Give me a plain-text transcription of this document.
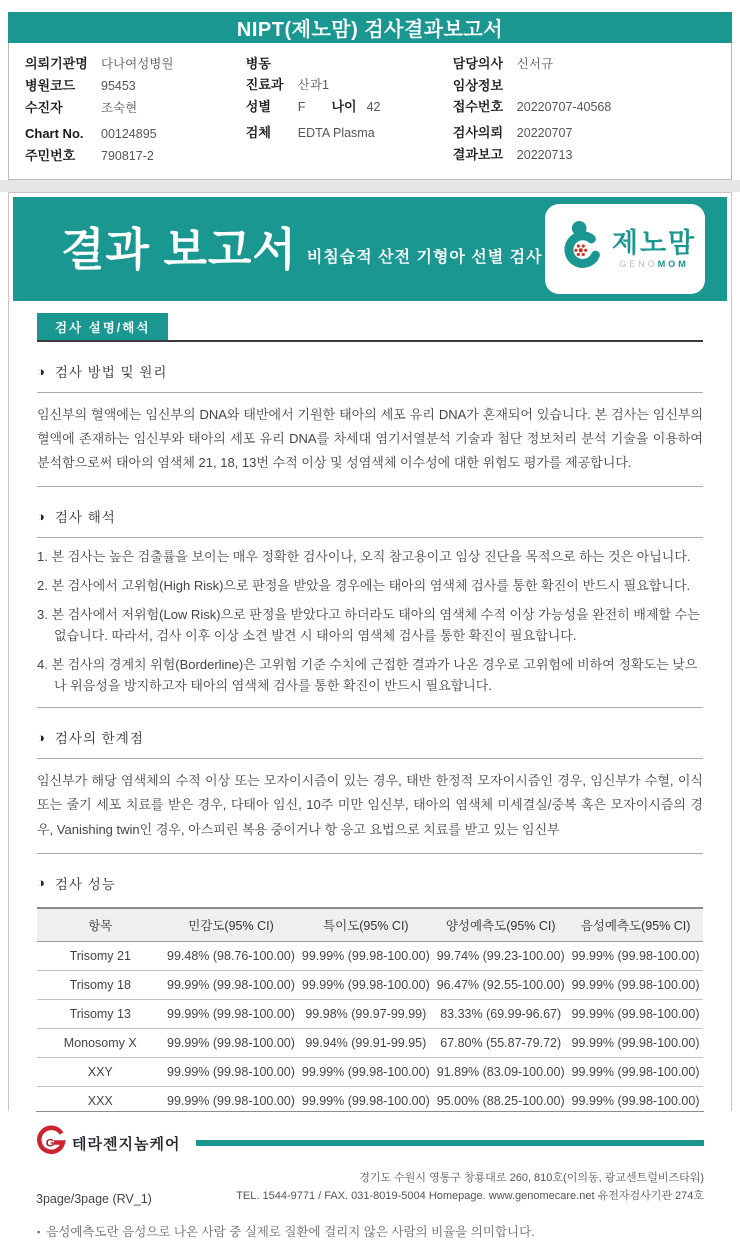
NIPT(제노맘) 검사결과보고서
의뢰기관명	다나여성병원
병원코드	95453
수진자	조숙현
Chart No.	00124895
주민번호	790817-2
병동
진료과	산과1
성별	F 나이 42
검체	EDTA Plasma
담당의사	신서규
임상정보
접수번호	20220707-40568
검사의뢰	20220707
결과보고	20220713
결과 보고서 비침습적 산전 기형아 선별 검사	제노맘
GENOMOM
검사 설명/해석
◑ 검사 방법 및 원리

임신부의 혈액에는 임신부의 DNA와 태반에서 기원한 태아의 세포 유리 DNA가 혼재되어 있습니다. 본 검사는 임신부의 혈액에 존재하는 임신부와 태아의 세포 유리 DNA를 차세대 염기서열분석 기술과 첨단 정보처리 분석 기술을 이용하여 분석함으로써 태아의 염색체 21, 18, 13번 수적 이상 및 성염색체 이수성에 대한 위험도 평가를 제공합니다.

◑ 검사 해석
1. 본 검사는 높은 검출률을 보이는 매우 정확한 검사이나, 오직 참고용이고 임상 진단을 목적으로 하는 것은 아닙니다.
2. 본 검사에서 고위험(High Risk)으로 판정을 받았을 경우에는 태아의 염색체 검사를 통한 확진이 반드시 필요합니다.
3. 본 검사에서 저위험(Low Risk)으로 판정을 받았다고 하더라도 태아의 염색체 수적 이상 가능성을 완전히 배제할 수는 없습니다. 따라서, 검사 이후 이상 소견 발견 시 태아의 염색체 검사를 통한 확진이 필요합니다.
4. 본 검사의 경계치 위험(Borderline)은 고위험 기준 수치에 근접한 결과가 나온 경우로 고위험에 비하여 정확도는 낮으나 위음성을 방지하고자 태아의 염색체 검사를 통한 확진이 반드시 필요합니다.
◑ 검사의 한계점

임신부가 해당 염색체의 수적 이상 또는 모자이시즘이 있는 경우, 태반 한정적 모자이시즘인 경우, 임신부가 수혈, 이식 또는 줄기 세포 치료를 받은 경우, 다태아 임신, 10주 미만 임신부, 태아의 염색체 미세결실/중복 혹은 모자이시즘의 경우, Vanishing twin인 경우, 아스피린 복용 중이거나 항 응고 요법으로 치료를 받고 있는 임신부

◑ 검사 성능
항목	민감도(95% CI)	특이도(95% CI)	양성예측도(95% CI)	음성예측도(95% CI)
Trisomy 21	99.48% (98.76-100.00)	99.99% (99.98-100.00)	99.74% (99.23-100.00)	99.99% (99.98-100.00)
Trisomy 18	99.99% (99.98-100.00)	99.99% (99.98-100.00)	96.47% (92.55-100.00)	99.99% (99.98-100.00)
Trisomy 13	99.99% (99.98-100.00)	99.98% (99.97-99.99)	83.33% (69.99-96.67)	99.99% (99.98-100.00)
Monosomy X	99.99% (99.98-100.00)	99.94% (99.91-99.95)	67.80% (55.87-79.72)	99.99% (99.98-100.00)
XXY	99.99% (99.98-100.00)	99.99% (99.98-100.00)	91.89% (83.09-100.00)	99.99% (99.98-100.00)
XXX	99.99% (99.98-100.00)	99.99% (99.98-100.00)	95.00% (88.25-100.00)	99.99% (99.98-100.00)

▪
▪
▪
▪ 음성예측도란 음성으로 나온 사람 중 실제로 질환에 걸리지 않은 사람의 비율을 의미합니다.
G 테라젠지놈케어
3page/3page (RV_1)
경기도 수원시 영통구 창룡대로 260, 810호(이의동, 광교센트럴비즈타워)
TEL. 1544-9771 / FAX. 031-8019-5004 Homepage. www.genomecare.net 유전자검사기관 274호
